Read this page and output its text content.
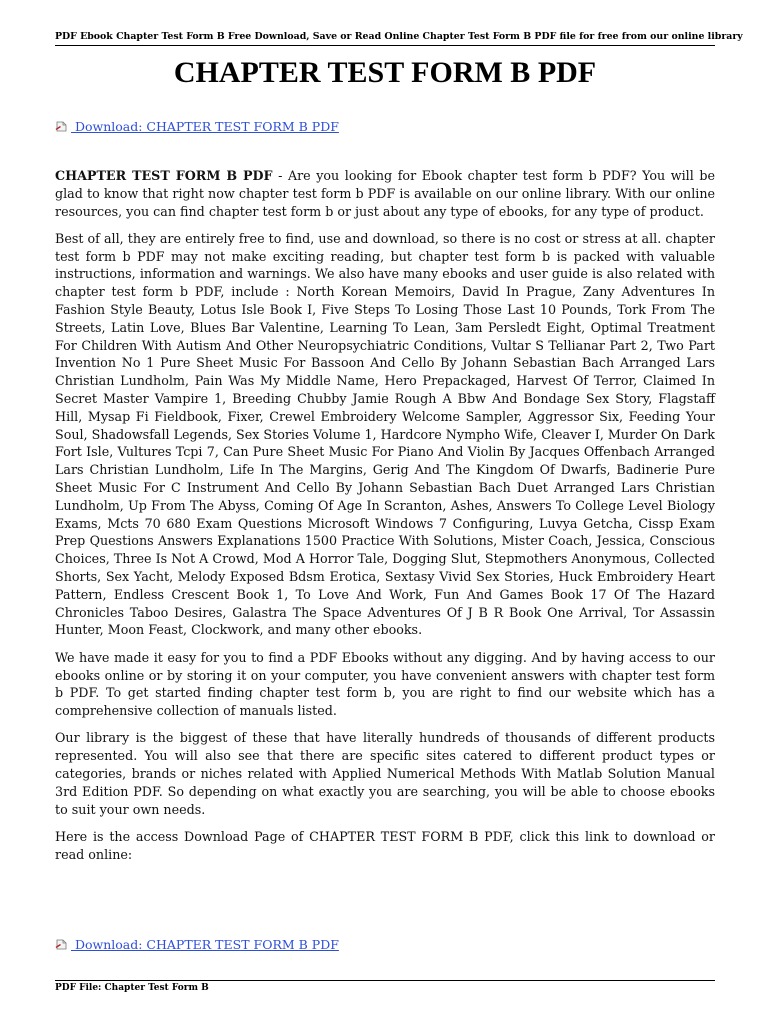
PDF Ebook Chapter Test Form B Free Download, Save or Read Online Chapter Test Form B PDF file for free from our online library
CHAPTER TEST FORM B PDF
Download: CHAPTER TEST FORM B PDF

CHAPTER TEST FORM B PDF - Are you looking for Ebook chapter test form b PDF? You will be glad to know that right now chapter test form b PDF is available on our online library. With our online resources, you can find chapter test form b or just about any type of ebooks, for any type of product.

Best of all, they are entirely free to find, use and download, so there is no cost or stress at all. chapter test form b PDF may not make exciting reading, but chapter test form b is packed with valuable instructions, information and warnings. We also have many ebooks and user guide is also related with chapter test form b PDF, include : North Korean Memoirs, David In Prague, Zany Adventures In Fashion Style Beauty, Lotus Isle Book I, Five Steps To Losing Those Last 10 Pounds, Tork From The Streets, Latin Love, Blues Bar Valentine, Learning To Lean, 3am Persledt Eight, Optimal Treatment For Children With Autism And Other Neuropsychiatric Conditions, Vultar S Tellianar Part 2, Two Part Invention No 1 Pure Sheet Music For Bassoon And Cello By Johann Sebastian Bach Arranged Lars Christian Lundholm, Pain Was My Middle Name, Hero Prepackaged, Harvest Of Terror, Claimed In Secret Master Vampire 1, Breeding Chubby Jamie Rough A Bbw And Bondage Sex Story, Flagstaff Hill, Mysap Fi Fieldbook, Fixer, Crewel Embroidery Welcome Sampler, Aggressor Six, Feeding Your Soul, Shadowsfall Legends, Sex Stories Volume 1, Hardcore Nympho Wife, Cleaver I, Murder On Dark Fort Isle, Vultures Tcpi 7, Can Pure Sheet Music For Piano And Violin By Jacques Offenbach Arranged Lars Christian Lundholm, Life In The Margins, Gerig And The Kingdom Of Dwarfs, Badinerie Pure Sheet Music For C Instrument And Cello By Johann Sebastian Bach Duet Arranged Lars Christian Lundholm, Up From The Abyss, Coming Of Age In Scranton, Ashes, Answers To College Level Biology Exams, Mcts 70 680 Exam Questions Microsoft Windows 7 Configuring, Luvya Getcha, Cissp Exam Prep Questions Answers Explanations 1500 Practice With Solutions, Mister Coach, Jessica, Conscious Choices, Three Is Not A Crowd, Mod A Horror Tale, Dogging Slut, Stepmothers Anonymous, Collected Shorts, Sex Yacht, Melody Exposed Bdsm Erotica, Sextasy Vivid Sex Stories, Huck Embroidery Heart Pattern, Endless Crescent Book 1, To Love And Work, Fun And Games Book 17 Of The Hazard Chronicles Taboo Desires, Galastra The Space Adventures Of J B R Book One Arrival, Tor Assassin Hunter, Moon Feast, Clockwork, and many other ebooks.

We have made it easy for you to find a PDF Ebooks without any digging. And by having access to our ebooks online or by storing it on your computer, you have convenient answers with chapter test form b PDF. To get started finding chapter test form b, you are right to find our website which has a comprehensive collection of manuals listed.

Our library is the biggest of these that have literally hundreds of thousands of different products represented. You will also see that there are specific sites catered to different product types or categories, brands or niches related with Applied Numerical Methods With Matlab Solution Manual 3rd Edition PDF. So depending on what exactly you are searching, you will be able to choose ebooks to suit your own needs.

Here is the access Download Page of CHAPTER TEST FORM B PDF, click this link to download or read online:

Download: CHAPTER TEST FORM B PDF
PDF File: Chapter Test Form B
